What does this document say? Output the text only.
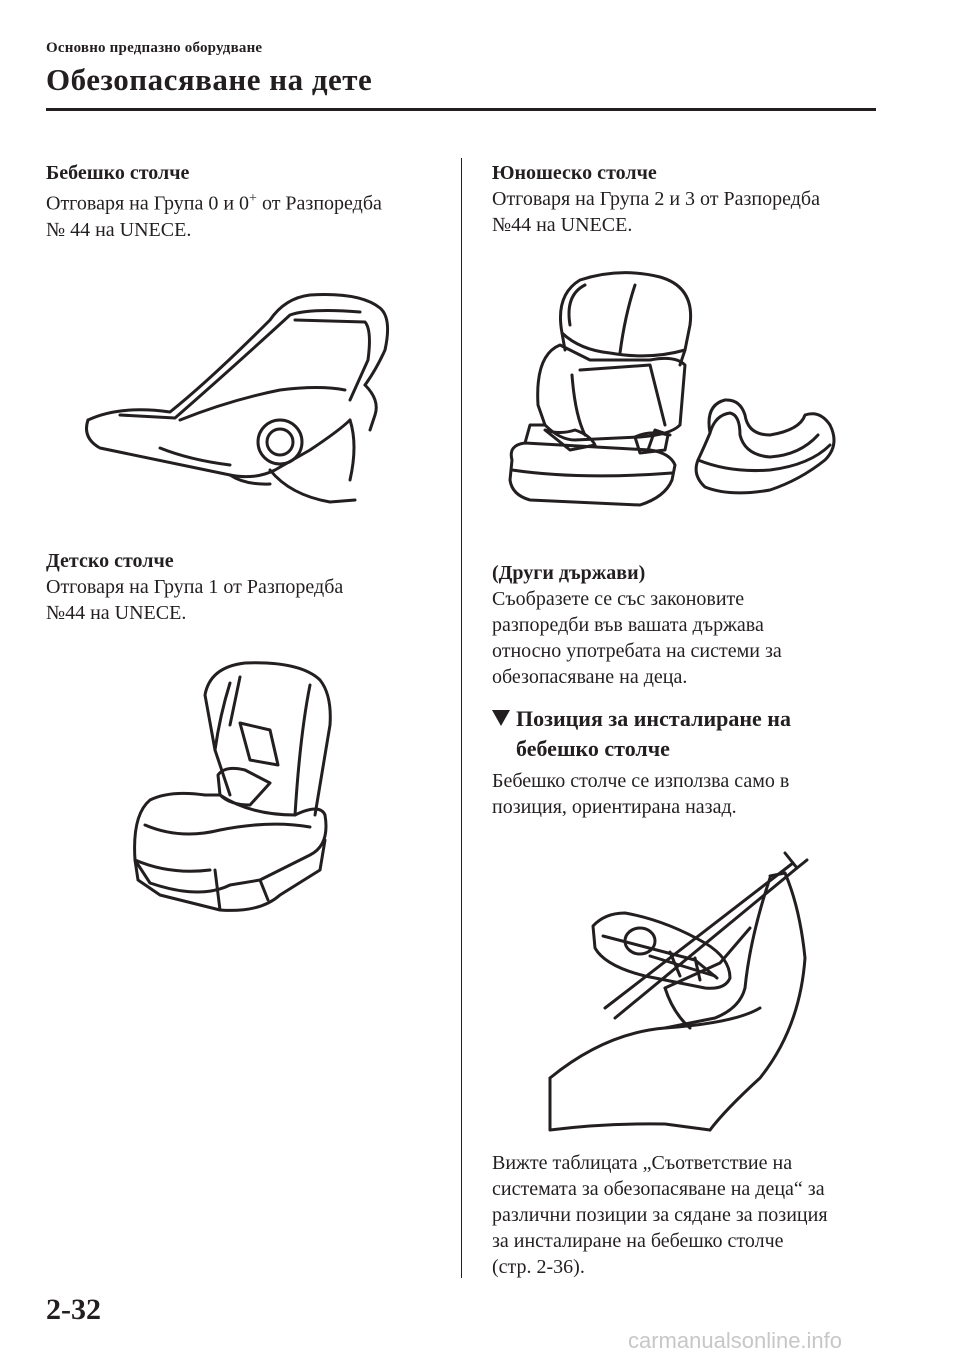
Основно предпазно оборудване
Обезопасяване на дете

Бебешко столче

Отговаря на Група 0 и 0+ от Разпоредба

№ 44 на UNECE.

Детско столче

Отговаря на Група 1 от Разпоредба

№44 на UNECE.

Юношеско столче

Отговаря на Група 2 и 3 от Разпоредба

№44 на UNECE.

(Други държави)

Съобразете се със законовите

разпоредби във вашата държава

относно употребата на системи за

обезопасяване на деца.

Позиция за инсталиране на
бебешко столче

Бебешко столче се използва само в

позиция, ориентирана назад.

Вижте таблицата „Съответствие на

системата за обезопасяване на деца“ за

различни позиции за сядане за позиция

за инсталиране на бебешко столче

(стр. 2-36).

2-32
carmanualsonline.info
